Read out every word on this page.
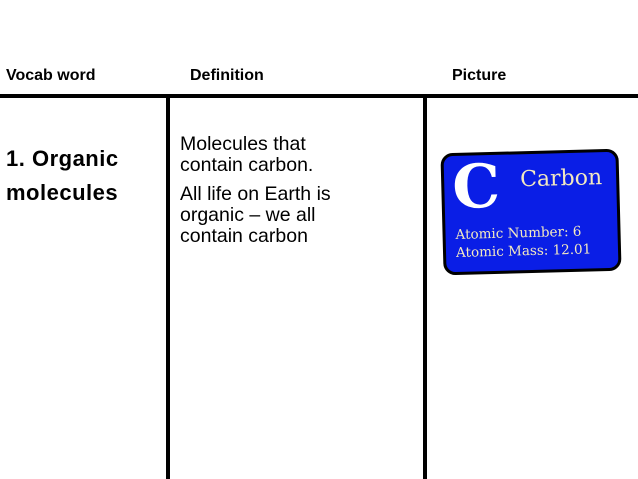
Vocab word	Definition	Picture
1. Organic
molecules

Molecules that

contain carbon.

All life on Earth is

organic – we all

contain carbon

C Carbon
Atomic Number: 6
Atomic Mass: 12.01
